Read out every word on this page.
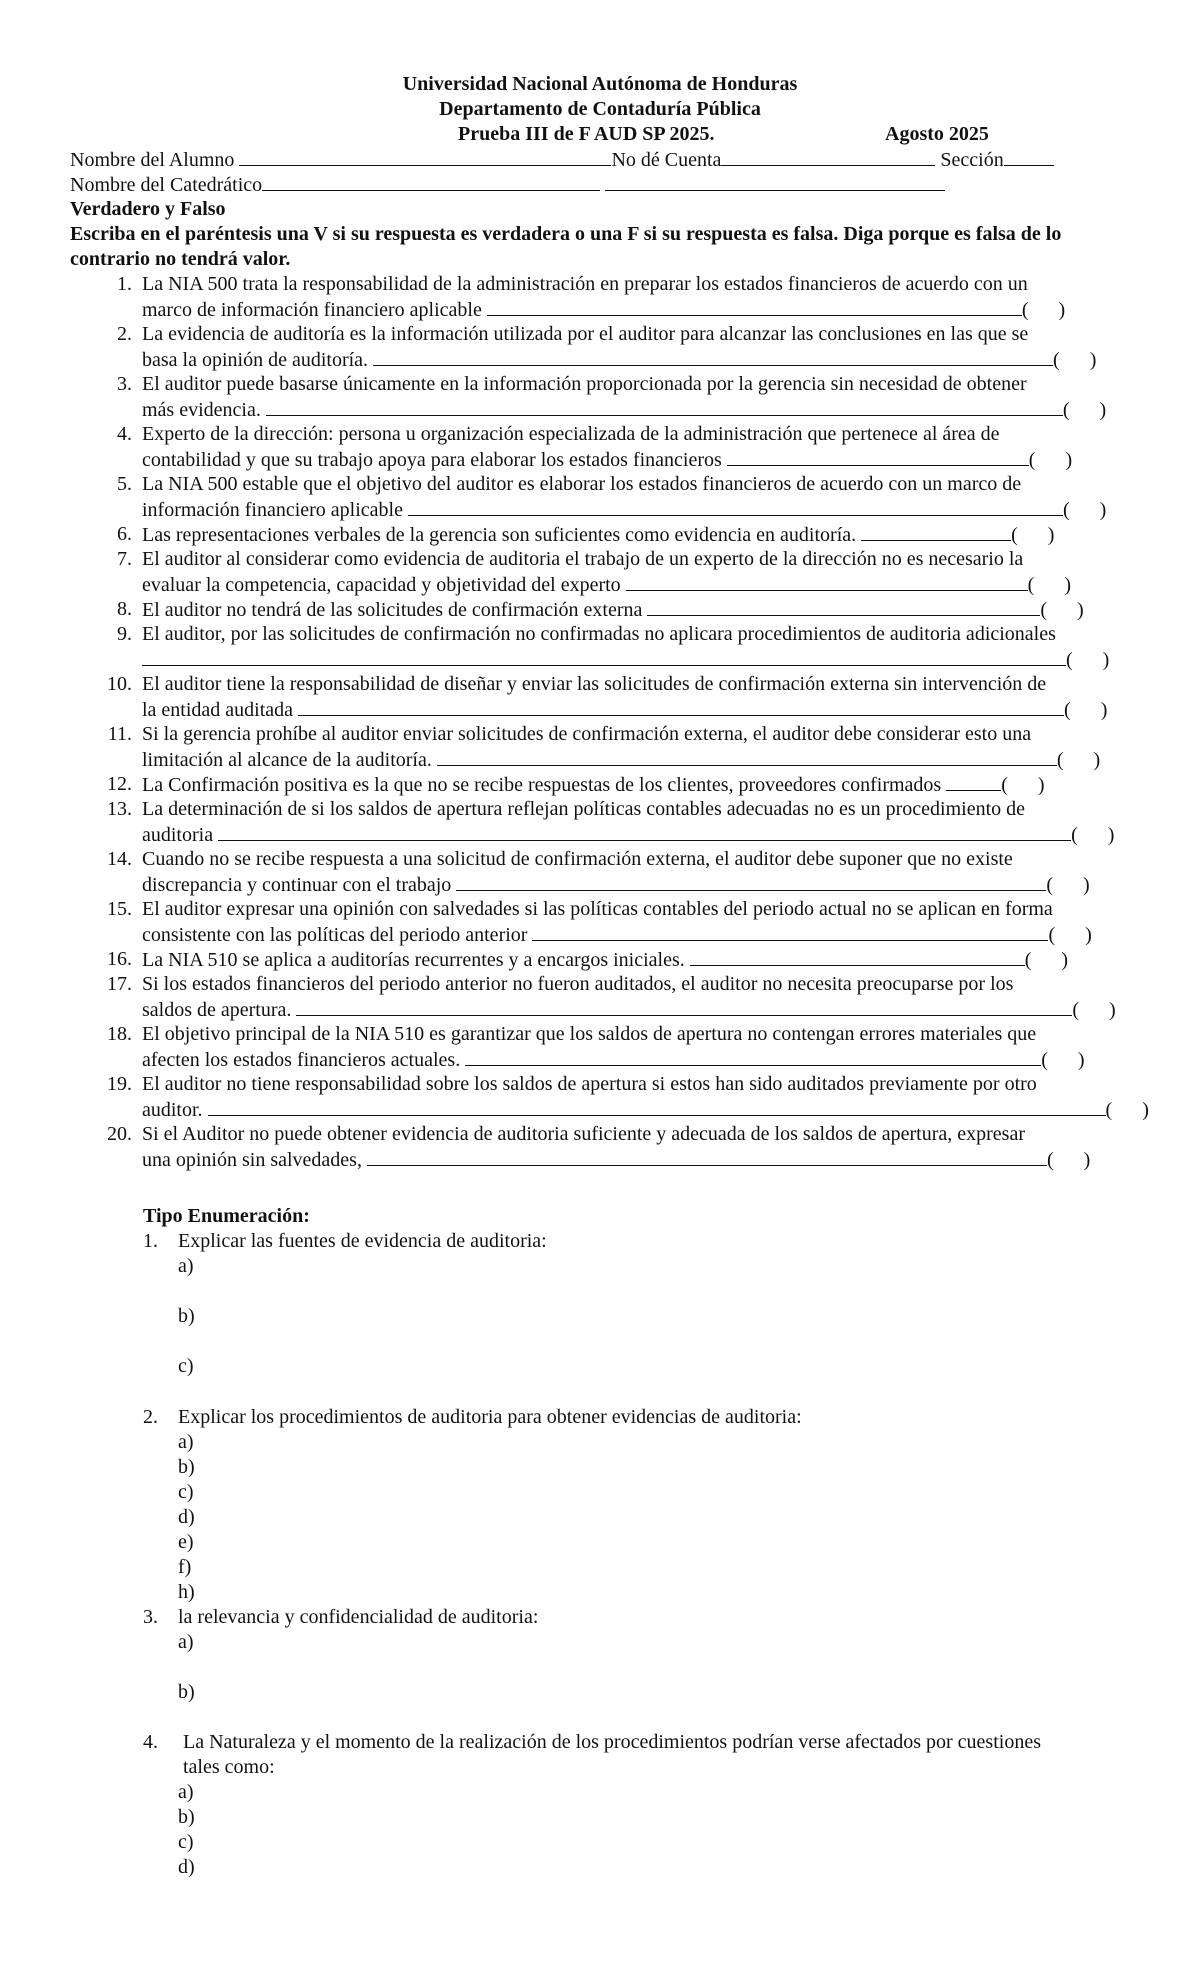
Universidad Nacional Autónoma de Honduras
Departamento de Contaduría Pública
Prueba III de F AUD SP 2025.	Agosto 2025
Nombre del Alumno	No dé Cuenta	Sección
Nombre del Catedrático
Verdadero y Falso
Escriba en el paréntesis una V si su respuesta es verdadera o una F si su respuesta es falsa. Diga porque es falsa de lo contrario no tendrá valor.
1. La NIA 500 trata la responsabilidad de la administración en preparar los estados financieros de acuerdo con un
marco de información financiero aplicable	(      )
2. La evidencia de auditoría es la información utilizada por el auditor para alcanzar las conclusiones en las que se
basa la opinión de auditoría.	(      )
3. El auditor puede basarse únicamente en la información proporcionada por la gerencia sin necesidad de obtener
más evidencia.	(      )
4. Experto de la dirección: persona u organización especializada de la administración que pertenece al área de
contabilidad y que su trabajo apoya para elaborar los estados financieros	(      )
5. La NIA 500 estable que el objetivo del auditor es elaborar los estados financieros de acuerdo con un marco de
información financiero aplicable	(      )
6. Las representaciones verbales de la gerencia son suficientes como evidencia en auditoría.	(      )
7. El auditor al considerar como evidencia de auditoria el trabajo de un experto de la dirección no es necesario la
evaluar la competencia, capacidad y objetividad del experto	(      )
8. El auditor no tendrá de las solicitudes de confirmación externa	(      )
9. El auditor, por las solicitudes de confirmación no confirmadas no aplicara procedimientos de auditoria adicionales
(      )
10. El auditor tiene la responsabilidad de diseñar y enviar las solicitudes de confirmación externa sin intervención de
la entidad auditada	(      )
11. Si la gerencia prohíbe al auditor enviar solicitudes de confirmación externa, el auditor debe considerar esto una
limitación al alcance de la auditoría.	(      )
12. La Confirmación positiva es la que no se recibe respuestas de los clientes, proveedores confirmados	(      )
13. La determinación de si los saldos de apertura reflejan políticas contables adecuadas no es un procedimiento de
auditoria	(      )
14. Cuando no se recibe respuesta a una solicitud de confirmación externa, el auditor debe suponer que no existe
discrepancia y continuar con el trabajo	(      )
15. El auditor expresar una opinión con salvedades si las políticas contables del periodo actual no se aplican en forma
consistente con las políticas del periodo anterior	(      )
16. La NIA 510 se aplica a auditorías recurrentes y a encargos iniciales.	(      )
17. Si los estados financieros del periodo anterior no fueron auditados, el auditor no necesita preocuparse por los
saldos de apertura.	(      )
18. El objetivo principal de la NIA 510 es garantizar que los saldos de apertura no contengan errores materiales que
afecten los estados financieros actuales.	(      )
19. El auditor no tiene responsabilidad sobre los saldos de apertura si estos han sido auditados previamente por otro
auditor.	(      )
20. Si el Auditor no puede obtener evidencia de auditoria suficiente y adecuada de los saldos de apertura, expresar
una opinión sin salvedades,	(      )
Tipo Enumeración:
1. Explicar las fuentes de evidencia de auditoria:
a)
b)
c)
2. Explicar los procedimientos de auditoria para obtener evidencias de auditoria:
a)
b)
c)
d)
e)
f)
h)
3. la relevancia y confidencialidad de auditoria:
a)
b)
4. La Naturaleza y el momento de la realización de los procedimientos podrían verse afectados por cuestiones
tales como:
a)
b)
c)
d)
